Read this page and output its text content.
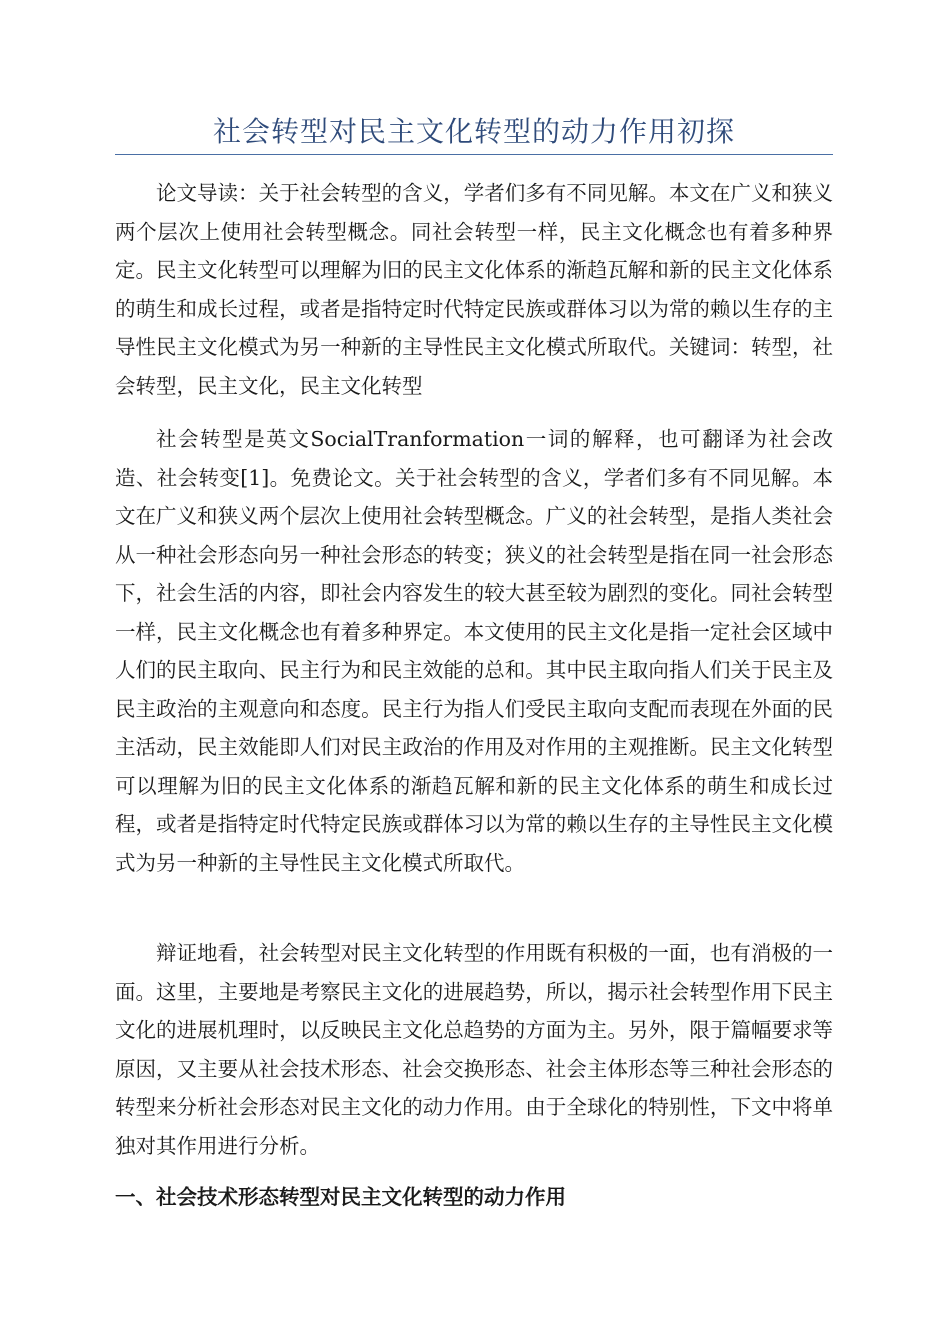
社会转型对民主文化转型的动力作用初探

论文导读：关于社会转型的含义，学者们多有不同见解。本文在广义和狭义两个层次上使用社会转型概念。同社会转型一样，民主文化概念也有着多种界定。民主文化转型可以理解为旧的民主文化体系的渐趋瓦解和新的民主文化体系的萌生和成长过程，或者是指特定时代特定民族或群体习以为常的赖以生存的主导性民主文化模式为另一种新的主导性民主文化模式所取代。关键词：转型，社会转型，民主文化，民主文化转型

社会转型是英文SocialTranformation一词的解释，也可翻译为社会改造、社会转变[1]。免费论文。关于社会转型的含义，学者们多有不同见解。本文在广义和狭义两个层次上使用社会转型概念。广义的社会转型，是指人类社会从一种社会形态向另一种社会形态的转变；狭义的社会转型是指在同一社会形态下，社会生活的内容，即社会内容发生的较大甚至较为剧烈的变化。同社会转型一样，民主文化概念也有着多种界定。本文使用的民主文化是指一定社会区域中人们的民主取向、民主行为和民主效能的总和。其中民主取向指人们关于民主及民主政治的主观意向和态度。民主行为指人们受民主取向支配而表现在外面的民主活动，民主效能即人们对民主政治的作用及对作用的主观推断。民主文化转型可以理解为旧的民主文化体系的渐趋瓦解和新的民主文化体系的萌生和成长过程，或者是指特定时代特定民族或群体习以为常的赖以生存的主导性民主文化模式为另一种新的主导性民主文化模式所取代。

辩证地看，社会转型对民主文化转型的作用既有积极的一面，也有消极的一面。这里，主要地是考察民主文化的进展趋势，所以，揭示社会转型作用下民主文化的进展机理时，以反映民主文化总趋势的方面为主。另外，限于篇幅要求等原因，又主要从社会技术形态、社会交换形态、社会主体形态等三种社会形态的转型来分析社会形态对民主文化的动力作用。由于全球化的特别性，下文中将单独对其作用进行分析。

一、社会技术形态转型对民主文化转型的动力作用
